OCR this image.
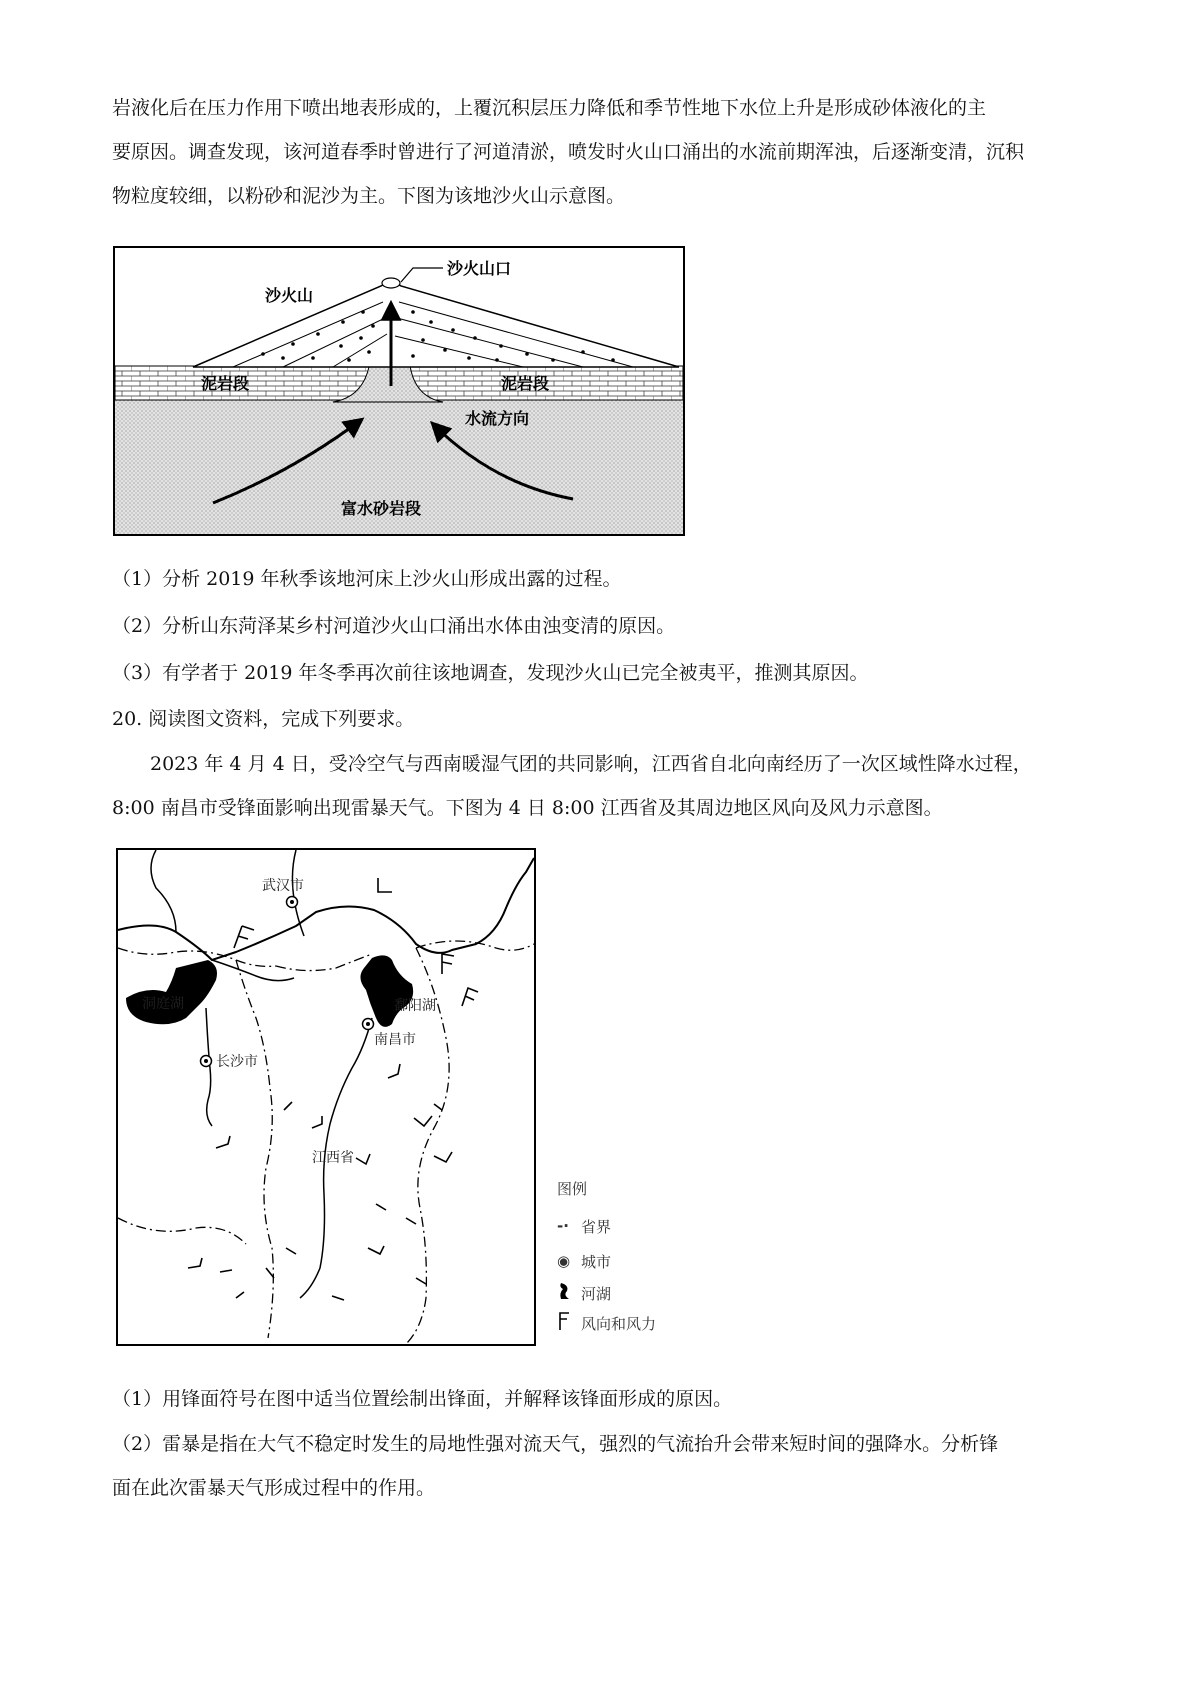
岩液化后在压力作用下喷出地表形成的，上覆沉积层压力降低和季节性地下水位上升是形成砂体液化的主

要原因。调查发现，该河道春季时曾进行了河道清淤，喷发时火山口涌出的水流前期浑浊，后逐渐变清，沉积

物粒度较细，以粉砂和泥沙为主。下图为该地沙火山示意图。

沙火山
沙火山口
泥岩段	泥岩段
水流方向
富水砂岩段
（1）分析 2019 年秋季该地河床上沙火山形成出露的过程。
（2）分析山东菏泽某乡村河道沙火山口涌出水体由浊变清的原因。
（3）有学者于 2019 年冬季再次前往该地调查，发现沙火山已完全被夷平，推测其原因。
20. 阅读图文资料，完成下列要求。

2023 年 4 月 4 日，受冷空气与西南暖湿气团的共同影响，江西省自北向南经历了一次区域性降水过程，

8:00 南昌市受锋面影响出现雷暴天气。下图为 4 日 8:00 江西省及其周边地区风向及风力示意图。

武汉市
洞庭湖
长沙市
鄱阳湖
南昌市
江西省
图例
-· 省界
◉ 城市
河湖
风向和风力
（1）用锋面符号在图中适当位置绘制出锋面，并解释该锋面形成的原因。

（2）雷暴是指在大气不稳定时发生的局地性强对流天气，强烈的气流抬升会带来短时间的强降水。分析锋

面在此次雷暴天气形成过程中的作用。
